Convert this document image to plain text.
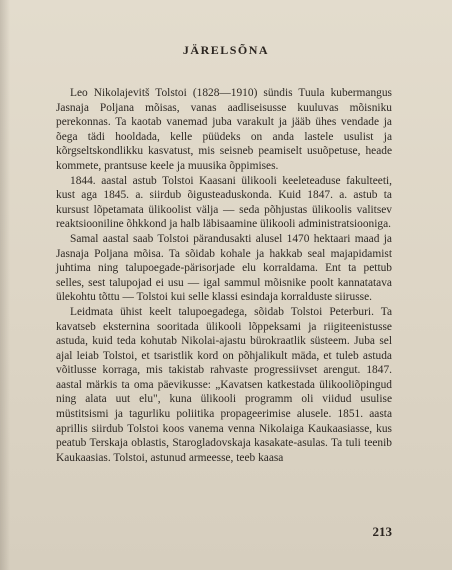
JÄRELSÕNA

Leo Nikolajevitš Tolstoi (1828—1910) sündis Tuula kubermangus Jasnaja Poljana mõisas, vanas aadliseisusse kuuluvas mõisniku perekonnas. Ta kaotab vanemad juba varakult ja jääb ühes vendade ja õega tädi hooldada, kelle püüdeks on anda lastele usulist ja kõrgseltskondlikku kasvatust, mis seisneb peamiselt usuõpetuse, heade kommete, prantsuse keele ja muusika õppimises.

1844. aastal astub Tolstoi Kaasani ülikooli keeleteaduse fakulteeti, kust aga 1845. a. siirdub õigusteaduskonda. Kuid 1847. a. astub ta kursust lõpetamata ülikoolist välja — seda põhjustas ülikoolis valitsev reaktsiooniline õhkkond ja halb läbisaamine ülikooli administratsiooniga.

Samal aastal saab Tolstoi pärandusakti alusel 1470 hektaari maad ja Jasnaja Poljana mõisa. Ta sõidab kohale ja hakkab seal majapidamist juhtima ning talupoegade-pärisorjade elu korraldama. Ent ta pettub selles, sest talupojad ei usu — igal sammul mõisnike poolt kannatatava ülekohtu tõttu — Tolstoi kui selle klassi esindaja korralduste siirusse.

Leidmata ühist keelt talupoegadega, sõidab Tolstoi Peterburi. Ta kavatseb eksternina sooritada ülikooli lõppeksami ja riigiteenistusse astuda, kuid teda kohutab Nikolai-ajastu bürokraatlik süsteem. Juba sel ajal leiab Tolstoi, et tsaristlik kord on põhjalikult mäda, et tuleb astuda võitlusse korraga, mis takistab rahvaste progressiivset arengut. 1847. aastal märkis ta oma päevikusse: „Kavatsen katkestada ülikooliõpingud ning alata uut elu", kuna ülikooli programm oli viidud usulise müstitsismi ja tagurliku poliitika propageerimise alusele. 1851. aasta aprillis siirdub Tolstoi koos vanema venna Nikolaiga Kaukaasiasse, kus peatub Terskaja oblastis, Starogladovskaja kasakate-asulas. Ta tuli teenib Kaukaasias. Tolstoi, astunud armeesse, teeb kaasa

213
